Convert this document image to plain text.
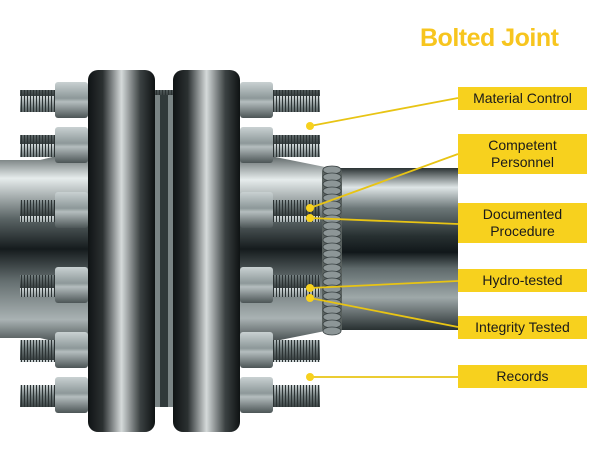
Bolted Joint
Material Control
Competent Personnel
Documented Procedure
Hydro-tested
Integrity Tested
Records
